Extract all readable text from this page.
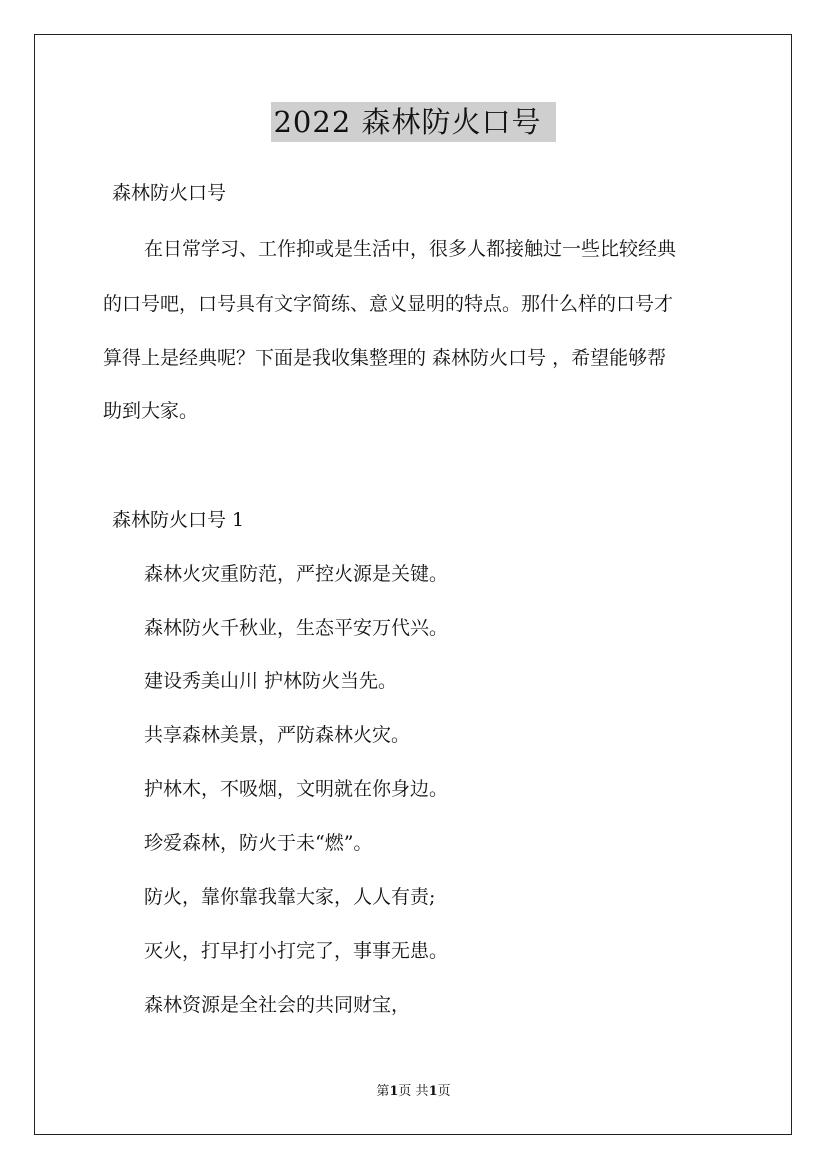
2022 森林防火口号
森林防火口号
在日常学习、工作抑或是生活中，很多人都接触过一些比较经典
的口号吧，口号具有文字简练、意义显明的特点。那什么样的口号才
算得上是经典呢？下面是我收集整理的 森林防火口号 ，希望能够帮
助到大家。
森林防火口号 1
森林火灾重防范，严控火源是关键。
森林防火千秋业，生态平安万代兴。
建设秀美山川 护林防火当先。
共享森林美景，严防森林火灾。
护林木，不吸烟，文明就在你身边。
珍爱森林，防火于未“燃”。
防火，靠你靠我靠大家，人人有责;
灭火，打早打小打完了，事事无患。
森林资源是全社会的共同财宝，
第1页 共1页
